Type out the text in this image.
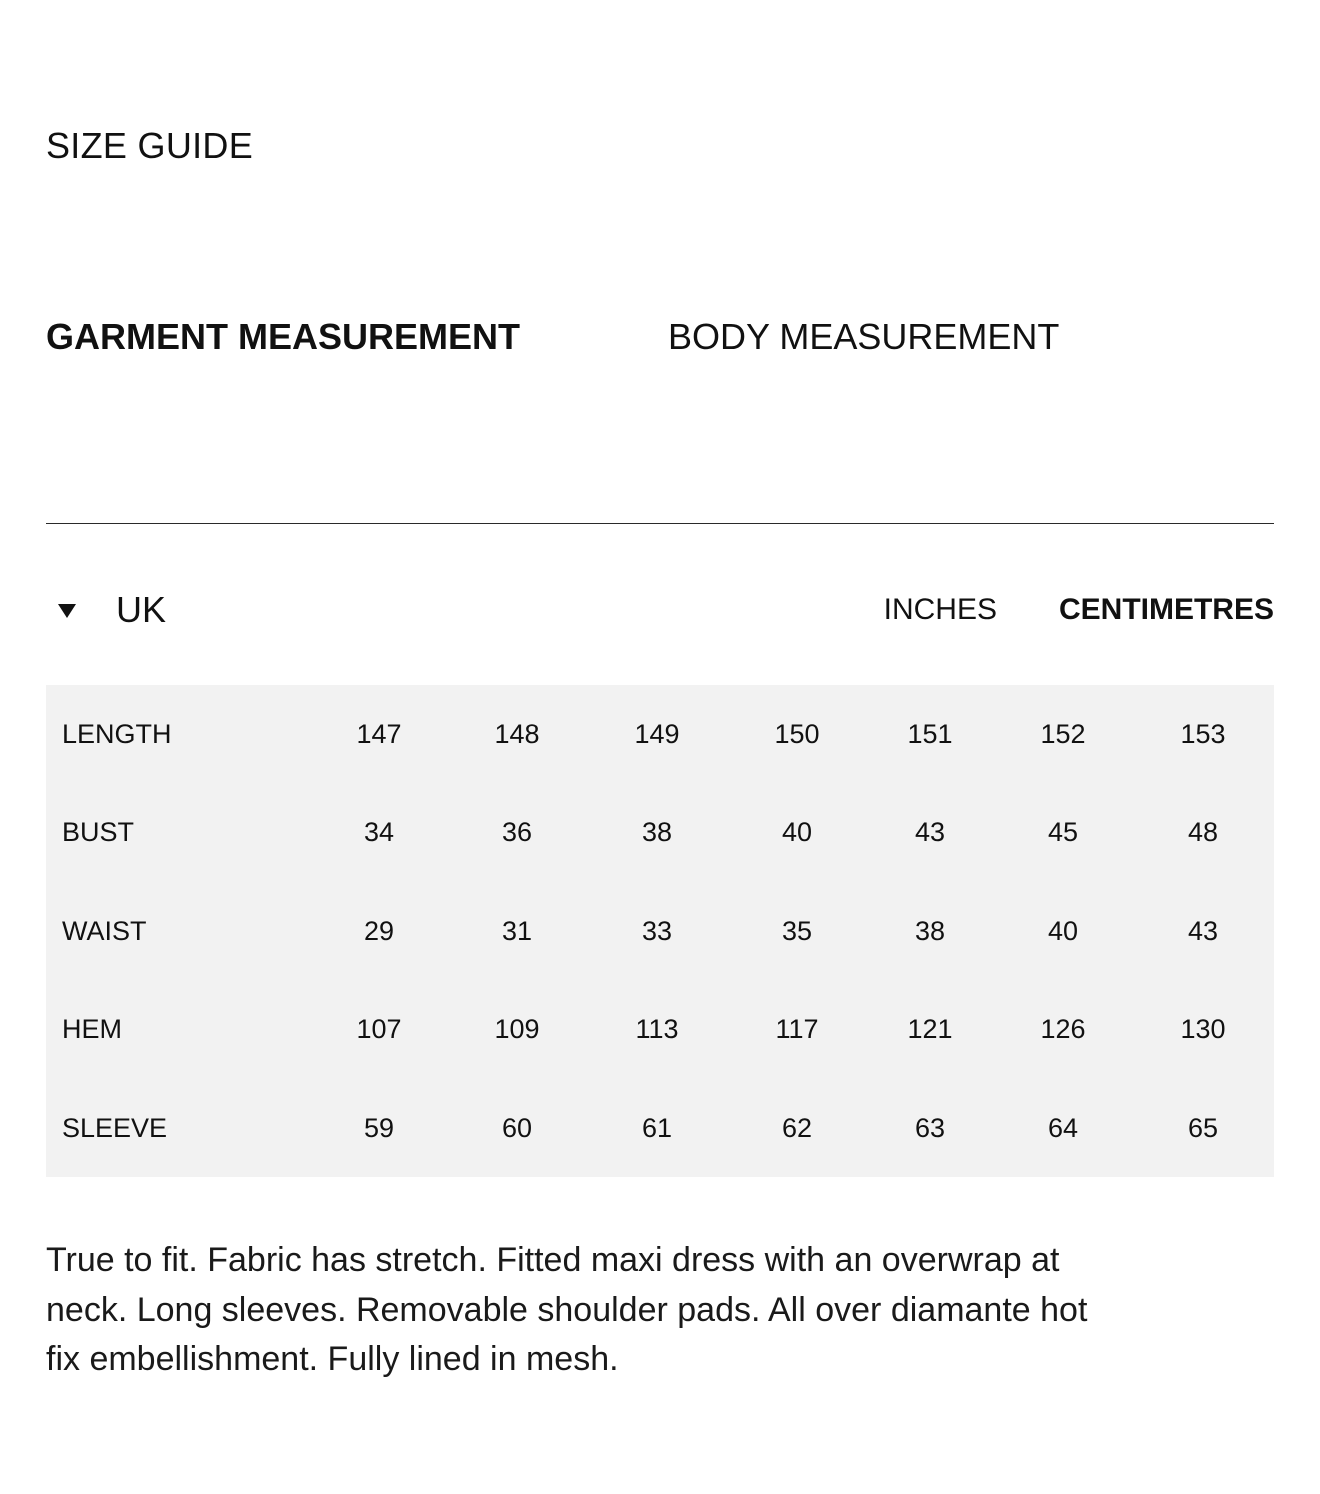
SIZE GUIDE
GARMENT MEASUREMENT	BODY MEASUREMENT
UK	INCHES CENTIMETRES
LENGTH	147	148	149	150	151	152	153
BUST	34	36	38	40	43	45	48
WAIST	29	31	33	35	38	40	43
HEM	107	109	113	117	121	126	130
SLEEVE	59	60	61	62	63	64	65
True to fit. Fabric has stretch. Fitted maxi dress with an overwrap at neck. Long sleeves. Removable shoulder pads. All over diamante hot fix embellishment. Fully lined in mesh.
